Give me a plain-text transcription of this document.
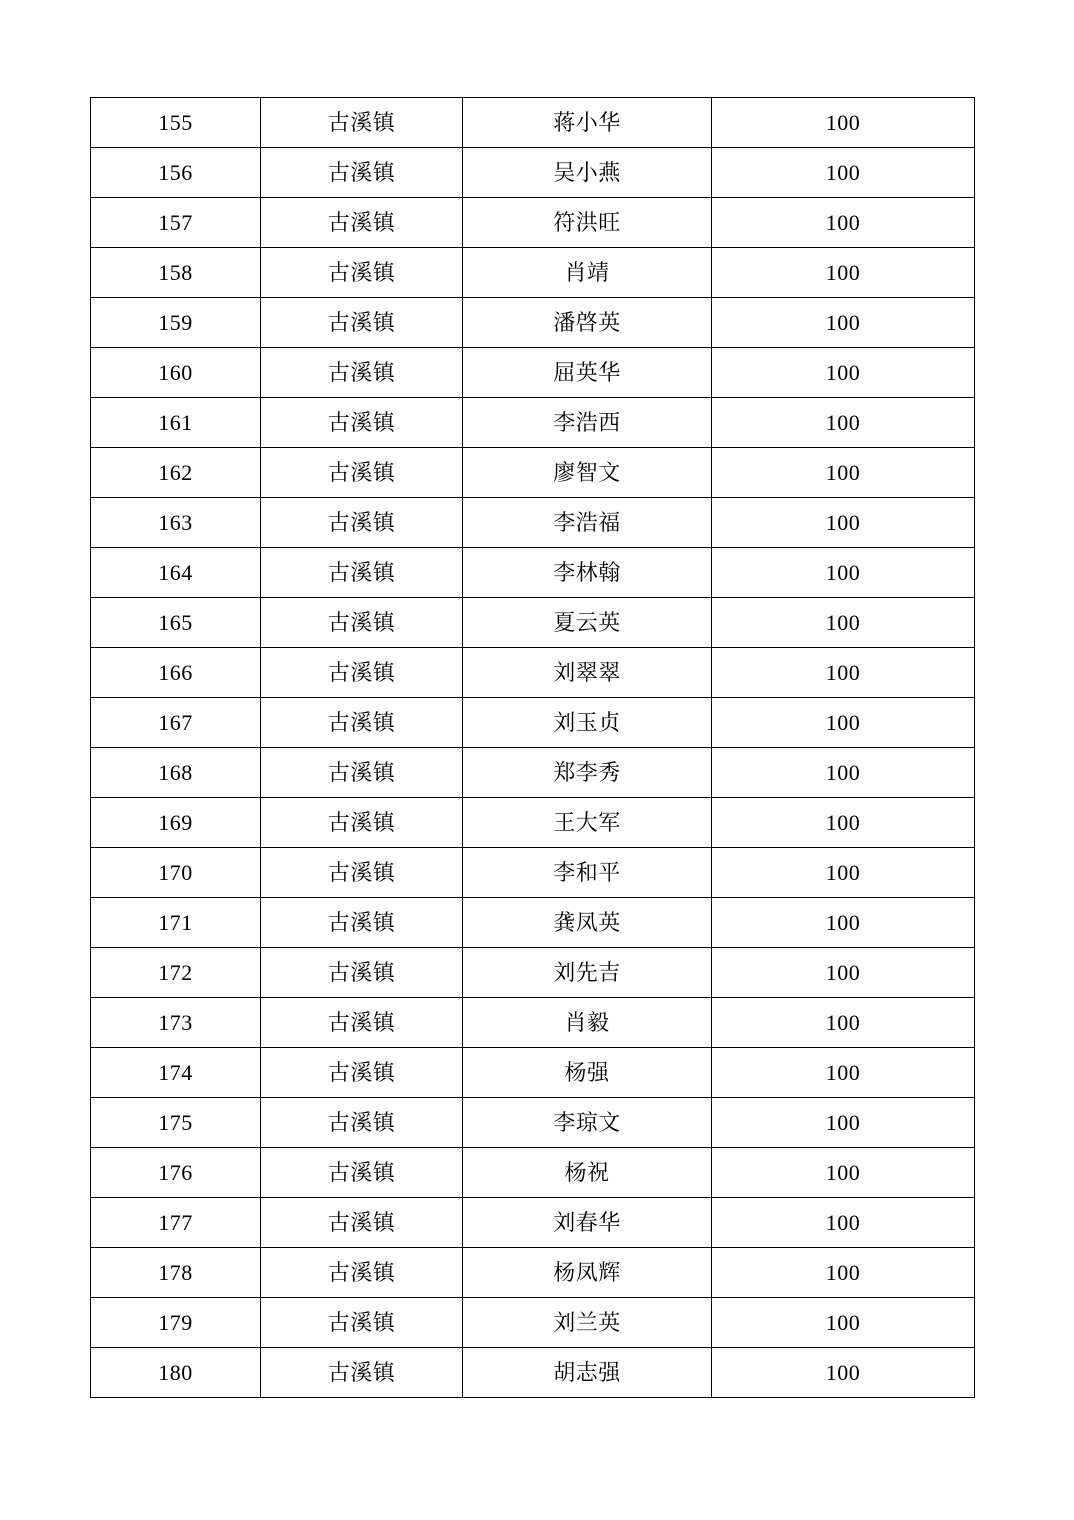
155	古溪镇	蒋小华	100
156	古溪镇	吴小燕	100
157	古溪镇	符洪旺	100
158	古溪镇	肖靖	100
159	古溪镇	潘啓英	100
160	古溪镇	屈英华	100
161	古溪镇	李浩西	100
162	古溪镇	廖智文	100
163	古溪镇	李浩福	100
164	古溪镇	李林翰	100
165	古溪镇	夏云英	100
166	古溪镇	刘翠翠	100
167	古溪镇	刘玉贞	100
168	古溪镇	郑李秀	100
169	古溪镇	王大军	100
170	古溪镇	李和平	100
171	古溪镇	龚凤英	100
172	古溪镇	刘先吉	100
173	古溪镇	肖毅	100
174	古溪镇	杨强	100
175	古溪镇	李琼文	100
176	古溪镇	杨祝	100
177	古溪镇	刘春华	100
178	古溪镇	杨凤辉	100
179	古溪镇	刘兰英	100
180	古溪镇	胡志强	100
